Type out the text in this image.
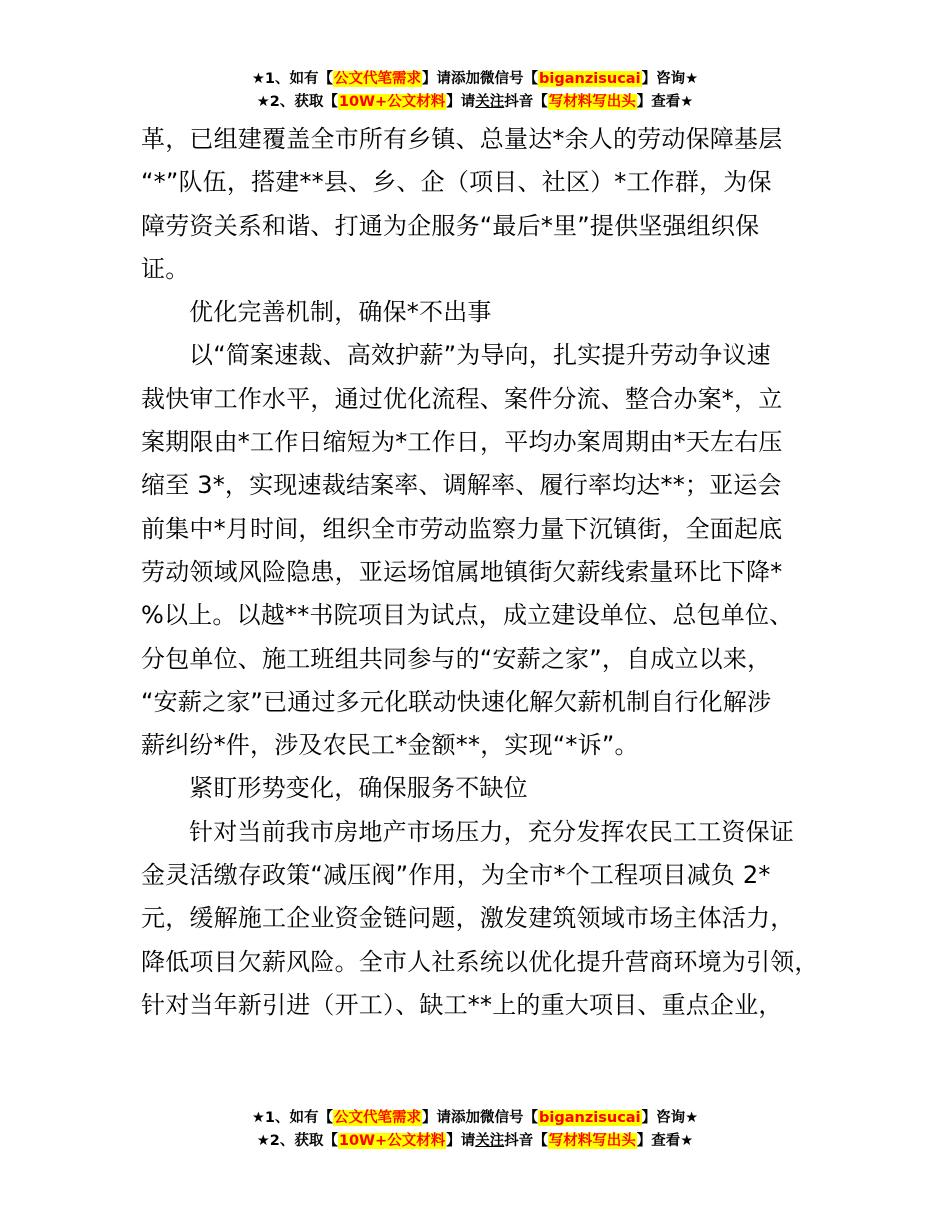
★1、如有【公文代笔需求】请添加微信号【biganzisucai】咨询★
★2、获取【10W+公文材料】请关注抖音【写材料写出头】查看★
革，已组建覆盖全市所有乡镇、总量达*余人的劳动保障基层
“*”队伍，搭建**县、乡、企（项目、社区）*工作群，为保
障劳资关系和谐、打通为企服务“最后*里”提供坚强组织保
证。
优化完善机制，确保*不出事
以“简案速裁、高效护薪”为导向，扎实提升劳动争议速
裁快审工作水平，通过优化流程、案件分流、整合办案*，立
案期限由*工作日缩短为*工作日，平均办案周期由*天左右压
缩至 3*，实现速裁结案率、调解率、履行率均达**；亚运会
前集中*月时间，组织全市劳动监察力量下沉镇街，全面起底
劳动领域风险隐患，亚运场馆属地镇街欠薪线索量环比下降*
%以上。以越**书院项目为试点，成立建设单位、总包单位、
分包单位、施工班组共同参与的“安薪之家”，自成立以来，
“安薪之家”已通过多元化联动快速化解欠薪机制自行化解涉
薪纠纷*件，涉及农民工*金额**，实现“*诉”。
紧盯形势变化，确保服务不缺位
针对当前我市房地产市场压力，充分发挥农民工工资保证
金灵活缴存政策“减压阀”作用，为全市*个工程项目减负 2*
元，缓解施工企业资金链问题，激发建筑领域市场主体活力，
降低项目欠薪风险。全市人社系统以优化提升营商环境为引领，
针对当年新引进（开工）、缺工**上的重大项目、重点企业，
★1、如有【公文代笔需求】请添加微信号【biganzisucai】咨询★
★2、获取【10W+公文材料】请关注抖音【写材料写出头】查看★
